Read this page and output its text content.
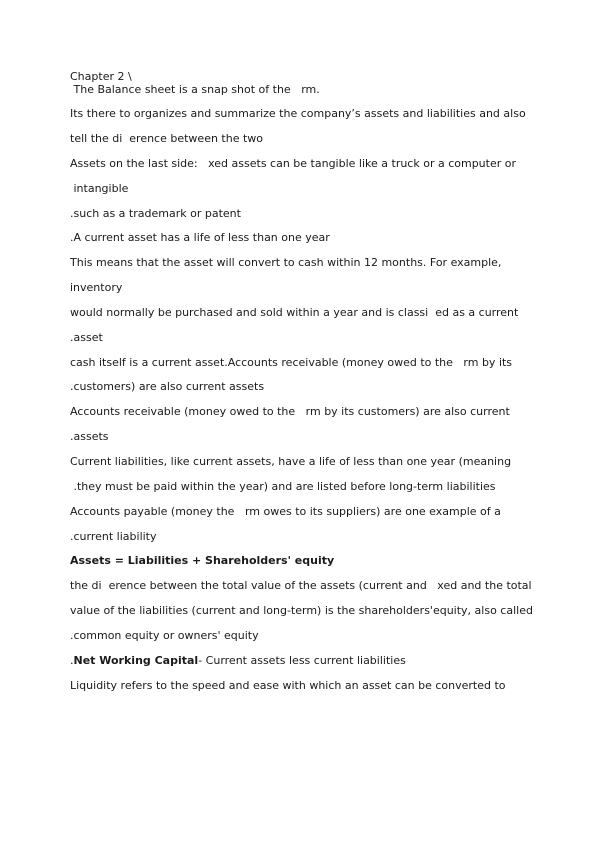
Chapter 2 \
The Balance sheet is a snap shot of the   rm.
Its there to organizes and summarize the company’s assets and liabilities and also
tell the di  erence between the two
Assets on the last side:   xed assets can be tangible like a truck or a computer or
intangible
.such as a trademark or patent
.A current asset has a life of less than one year
This means that the asset will convert to cash within 12 months. For example,
inventory
would normally be purchased and sold within a year and is classi  ed as a current
.asset
cash itself is a current asset.Accounts receivable (money owed to the   rm by its
.customers) are also current assets
Accounts receivable (money owed to the   rm by its customers) are also current
.assets
Current liabilities, like current assets, have a life of less than one year (meaning
.they must be paid within the year) and are listed before long-term liabilities
Accounts payable (money the   rm owes to its suppliers) are one example of a
.current liability
Assets = Liabilities + Shareholders' equity
the di  erence between the total value of the assets (current and   xed and the total
value of the liabilities (current and long-term) is the shareholders'equity, also called
.common equity or owners' equity
.Net Working Capital- Current assets less current liabilities
Liquidity refers to the speed and ease with which an asset can be converted to
